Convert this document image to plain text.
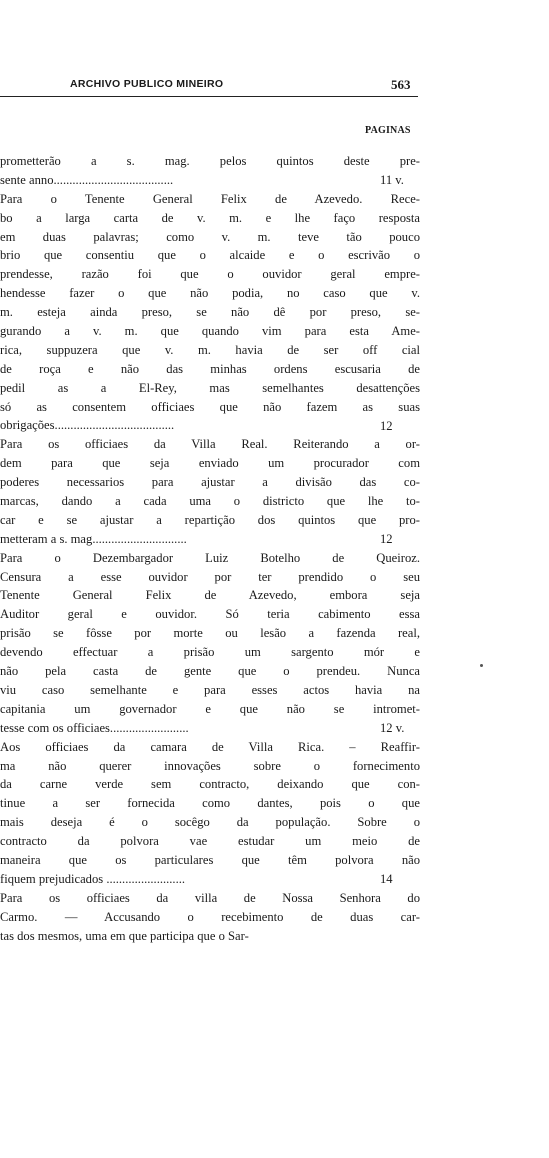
ARCHIVO PUBLICO MINEIRO	563
PAGINAS
prometterão a s. mag. pelos quintos deste pre-
sente anno......................................	11 v.
Para o Tenente General Felix de Azevedo. Rece-
bo a larga carta de v. m. e lhe faço resposta
em duas palavras; como v. m. teve tão pouco
brio que consentiu que o alcaide e o escrivão o
prendesse, razão foi que o ouvidor geral empre-
hendesse fazer o que não podia, no caso que v.
m. esteja ainda preso, se não dê por preso, se-
gurando a v. m. que quando vim para esta Ame-
rica, suppuzera que v. m. havia de ser off cial
de roça e não das minhas ordens escusaria de
pedil as a El-Rey, mas semelhantes desattenções
só as consentem officiaes que não fazem as suas
obrigações......................................	12
Para os officiaes da Villa Real. Reiterando a or-
dem para que seja enviado um procurador com
poderes necessarios para ajustar a divisão das co-
marcas, dando a cada uma o districto que lhe to-
car e se ajustar a repartição dos quintos que pro-
metteram a s. mag..............................	12
Para o Dezembargador Luiz Botelho de Queiroz.
Censura a esse ouvidor por ter prendido o seu
Tenente General Felix de Azevedo, embora seja
Auditor geral e ouvidor. Só teria cabimento essa
prisão se fôsse por morte ou lesão a fazenda real,
devendo effectuar a prisão um sargento mór e
não pela casta de gente que o prendeu. Nunca
viu caso semelhante e para esses actos havia na
capitania um governador e que não se intromet-
tesse com os officiaes.........................	12 v.
Aos officiaes da camara de Villa Rica. – Reaffir-
ma não querer innovações sobre o fornecimento
da carne verde sem contracto, deixando que con-
tinue a ser fornecida como dantes, pois o que
mais deseja é o socêgo da população. Sobre o
contracto da polvora vae estudar um meio de
maneira que os particulares que têm polvora não
fiquem prejudicados .........................	14
Para os officiaes da villa de Nossa Senhora do
Carmo. — Accusando o recebimento de duas car-
tas dos mesmos, uma em que participa que o Sar-
